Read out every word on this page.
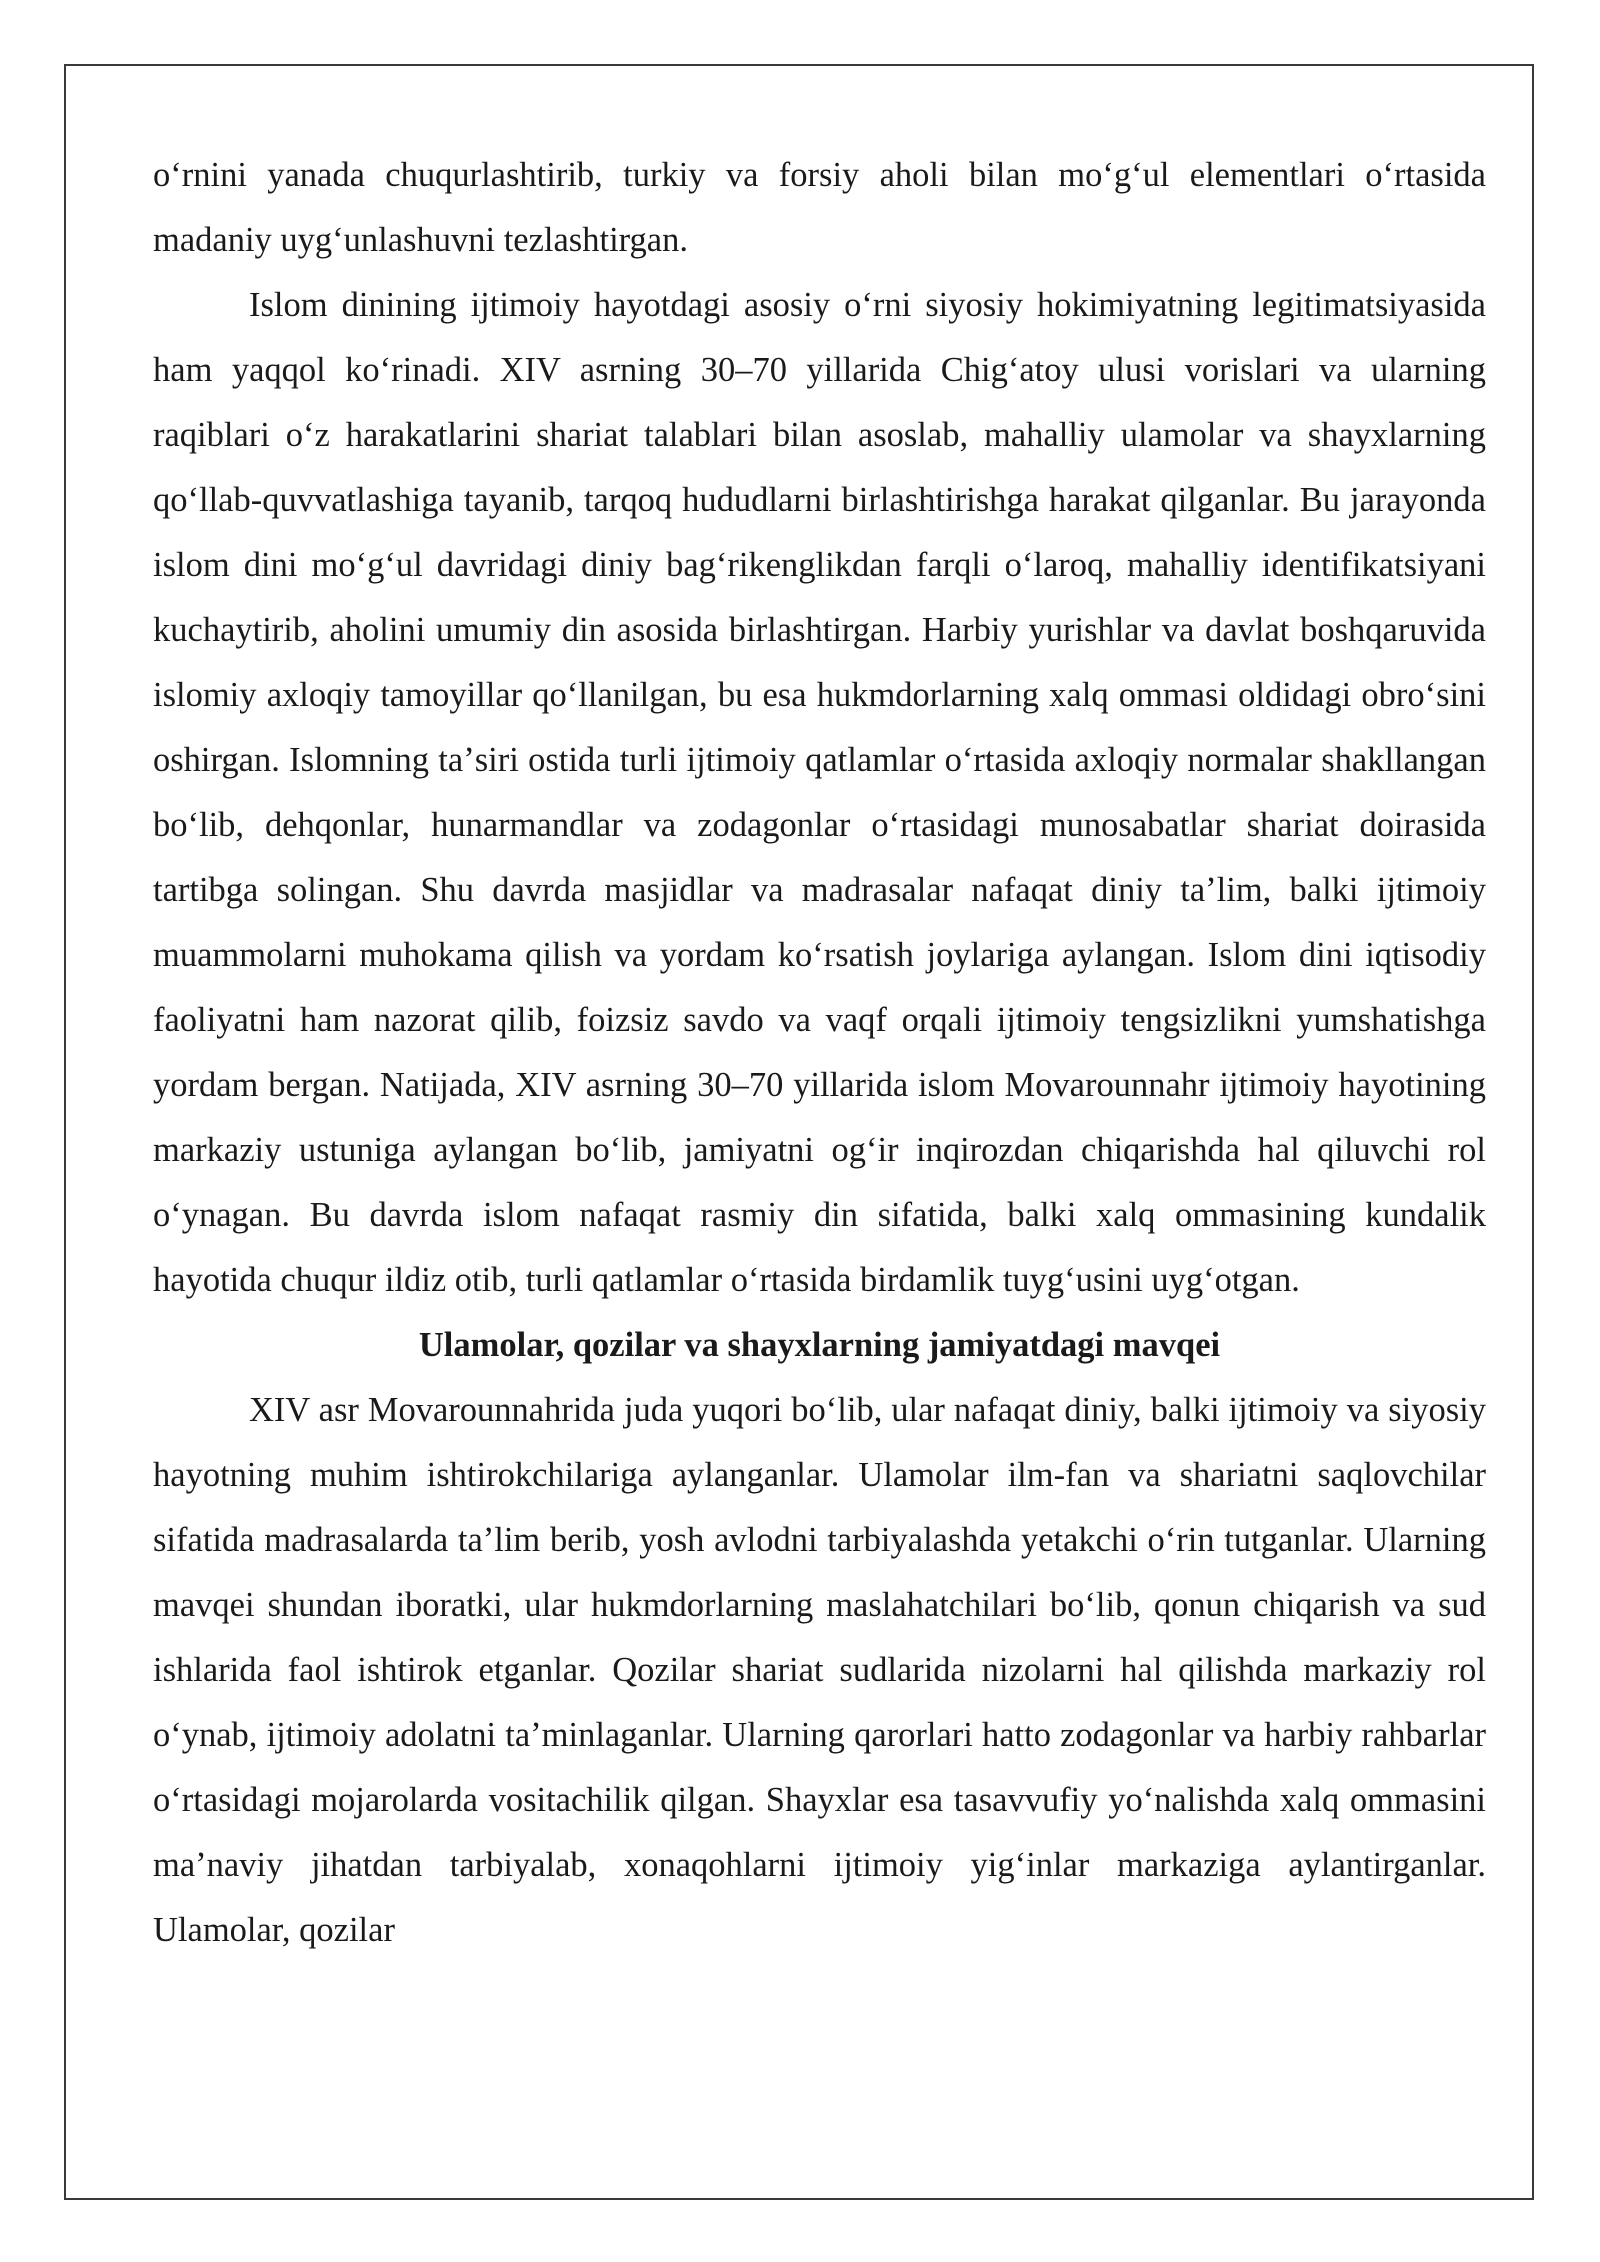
oʻrnini yanada chuqurlashtirib, turkiy va forsiy aholi bilan moʻgʻul elementlari oʻrtasida madaniy uygʻunlashuvni tezlashtirgan.

Islom dinining ijtimoiy hayotdagi asosiy oʻrni siyosiy hokimiyatning legitimatsiyasida ham yaqqol koʻrinadi. XIV asrning 30–70 yillarida Chigʻatoy ulusi vorislari va ularning raqiblari oʻz harakatlarini shariat talablari bilan asoslab, mahalliy ulamolar va shayxlarning qoʻllab-quvvatlashiga tayanib, tarqoq hududlarni birlashtirishga harakat qilganlar. Bu jarayonda islom dini moʻgʻul davridagi diniy bagʻrikenglikdan farqli oʻlaroq, mahalliy identifikatsiyani kuchaytirib, aholini umumiy din asosida birlashtirgan. Harbiy yurishlar va davlat boshqaruvida islomiy axloqiy tamoyillar qoʻllanilgan, bu esa hukmdorlarning xalq ommasi oldidagi obroʻsini oshirgan. Islomning taʼsiri ostida turli ijtimoiy qatlamlar oʻrtasida axloqiy normalar shakllangan boʻlib, dehqonlar, hunarmandlar va zodagonlar oʻrtasidagi munosabatlar shariat doirasida tartibga solingan. Shu davrda masjidlar va madrasalar nafaqat diniy taʼlim, balki ijtimoiy muammolarni muhokama qilish va yordam koʻrsatish joylariga aylangan. Islom dini iqtisodiy faoliyatni ham nazorat qilib, foizsiz savdo va vaqf orqali ijtimoiy tengsizlikni yumshatishga yordam bergan. Natijada, XIV asrning 30–70 yillarida islom Movarounnahr ijtimoiy hayotining markaziy ustuniga aylangan boʻlib, jamiyatni ogʻir inqirozdan chiqarishda hal qiluvchi rol oʻynagan. Bu davrda islom nafaqat rasmiy din sifatida, balki xalq ommasining kundalik hayotida chuqur ildiz otib, turli qatlamlar oʻrtasida birdamlik tuygʻusini uygʻotgan.

Ulamolar, qozilar va shayxlarning jamiyatdagi mavqei

XIV asr Movarounnahrida juda yuqori boʻlib, ular nafaqat diniy, balki ijtimoiy va siyosiy hayotning muhim ishtirokchilariga aylanganlar. Ulamolar ilm-fan va shariatni saqlovchilar sifatida madrasalarda taʼlim berib, yosh avlodni tarbiyalashda yetakchi oʻrin tutganlar. Ularning mavqei shundan iboratki, ular hukmdorlarning maslahatchilari boʻlib, qonun chiqarish va sud ishlarida faol ishtirok etganlar. Qozilar shariat sudlarida nizolarni hal qilishda markaziy rol oʻynab, ijtimoiy adolatni taʼminlaganlar. Ularning qarorlari hatto zodagonlar va harbiy rahbarlar oʻrtasidagi mojarolarda vositachilik qilgan. Shayxlar esa tasavvufiy yoʻnalishda xalq ommasini maʼnaviy jihatdan tarbiyalab, xonaqohlarni ijtimoiy yigʻinlar markaziga aylantirganlar. Ulamolar, qozilar
